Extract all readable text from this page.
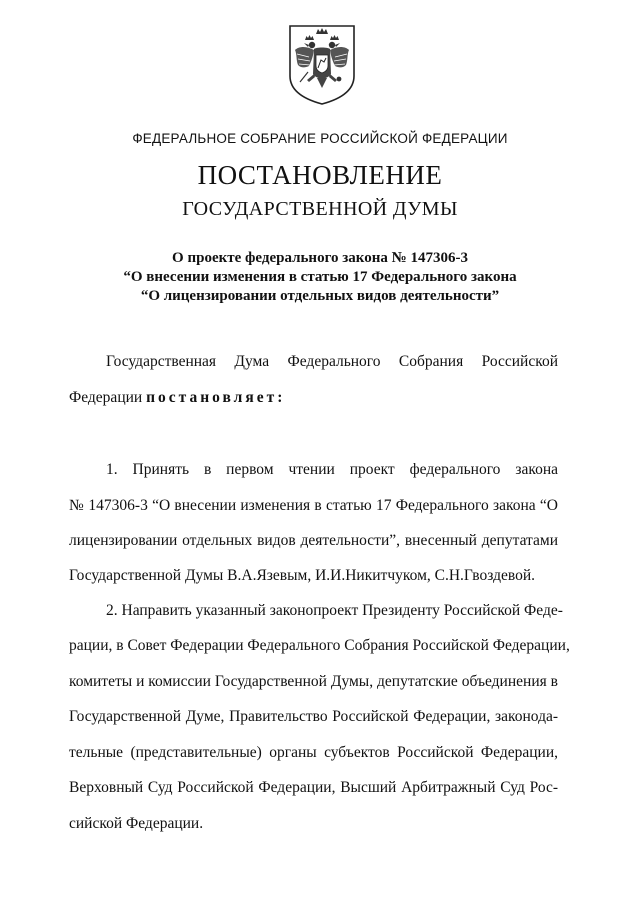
ФЕДЕРАЛЬНОЕ СОБРАНИЕ РОССИЙСКОЙ ФЕДЕРАЦИИ
ПОСТАНОВЛЕНИЕ
ГОСУДАРСТВЕННОЙ ДУМЫ
О проекте федерального закона № 147306-3
“О внесении изменения в статью 17 Федерального закона
“О лицензировании отдельных видов деятельности”
Государственная Дума Федерального Собрания Российской
Федерации постановляет:
1. Принять в первом чтении проект федерального закона
№ 147306-3 “О внесении изменения в статью 17 Федерального закона “О
лицензировании отдельных видов деятельности”, внесенный депутатами
Государственной Думы В.А.Язевым, И.И.Никитчуком, С.Н.Гвоздевой.
2. Направить указанный законопроект Президенту Российской Феде-
рации, в Совет Федерации Федерального Собрания Российской Федерации,
комитеты и комиссии Государственной Думы, депутатские объединения в
Государственной Думе, Правительство Российской Федерации, законода-
тельные (представительные) органы субъектов Российской Федерации,
Верховный Суд Российской Федерации, Высший Арбитражный Суд Рос-
сийской Федерации.
